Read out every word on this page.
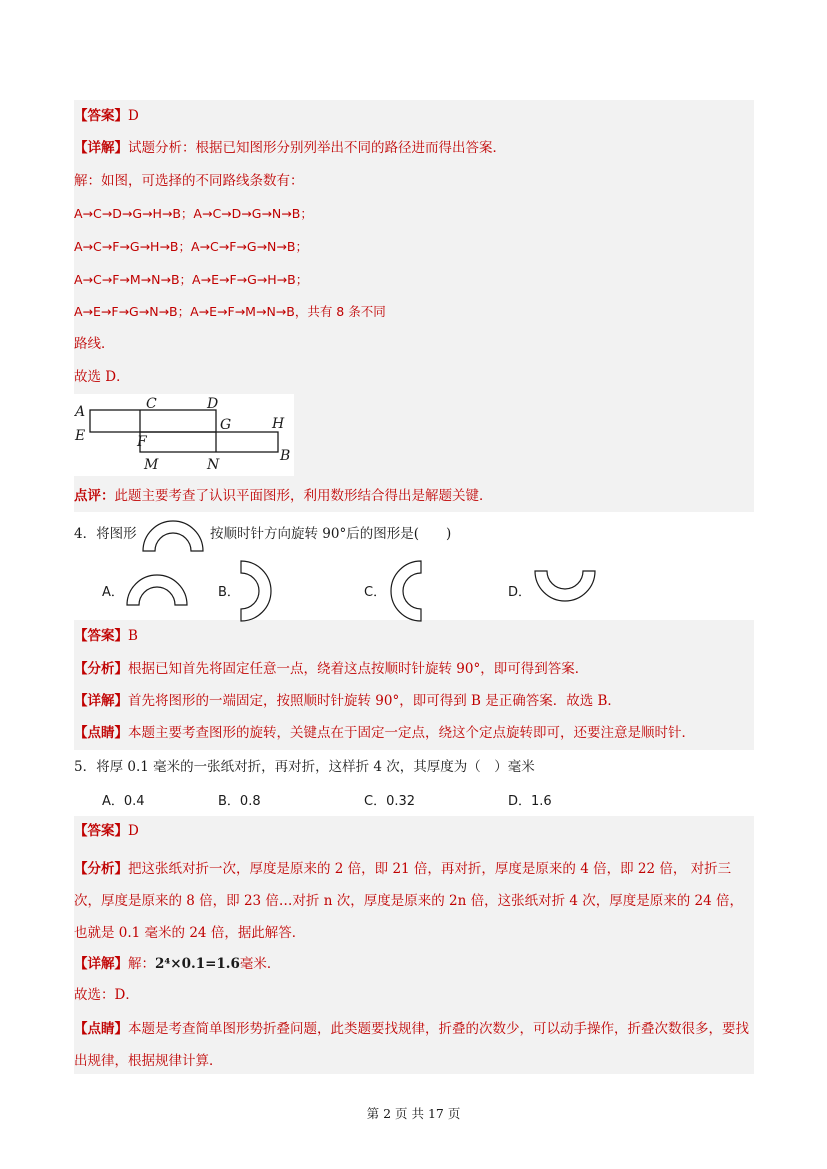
【答案】D
【详解】试题分析：根据已知图形分别列举出不同的路径进而得出答案．
解：如图，可选择的不同路线条数有：
A→C→D→G→H→B；A→C→D→G→N→B；
A→C→F→G→H→B；A→C→F→G→N→B；
A→C→F→M→N→B；A→E→F→G→H→B；
A→E→F→G→N→B；A→E→F→M→N→B，共有 8 条不同
路线．
故选 D．
A
E
C	D
F
G	H
M	N
B
点评：此题主要考查了认识平面图形，利用数形结合得出是解题关键．
4．将图形	按顺时针方向旋转 90°后的图形是(　　)
A．	B．	C．	D．
【答案】B
【分析】根据已知首先将固定任意一点，绕着这点按顺时针旋转 90°，即可得到答案．
【详解】首先将图形的一端固定，按照顺时针旋转 90°，即可得到 B 是正确答案．故选 B．
【点睛】本题主要考查图形的旋转，关键点在于固定一定点，绕这个定点旋转即可，还要注意是顺时针．
5．将厚 0.1 毫米的一张纸对折，再对折，这样折 4 次，其厚度为（　）毫米
A．0.4	B．0.8	C．0.32	D．1.6
【答案】D
【分析】把这张纸对折一次，厚度是原来的 2 倍，即 21 倍，再对折，厚度是原来的 4 倍，即 22 倍， 对折三次，厚度是原来的 8 倍，即 23 倍…对折 n 次，厚度是原来的 2n 倍，这张纸对折 4 次，厚度是原来的 24 倍，也就是 0.1 毫米的 24 倍，据此解答．
【详解】解：2⁴×0.1=1.6毫米．
故选：D．
【点睛】本题是考查简单图形势折叠问题，此类题要找规律，折叠的次数少，可以动手操作，折叠次数很多，要找出规律，根据规律计算．
第 2 页 共 17 页
